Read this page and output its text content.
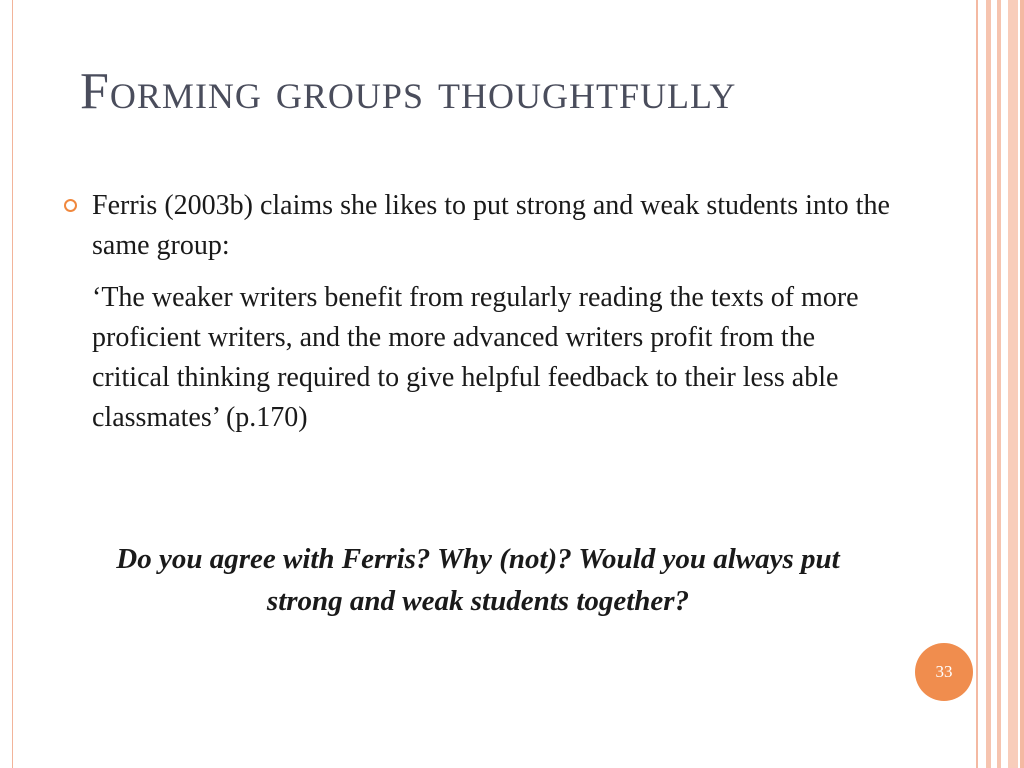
Forming groups thoughtfully

Ferris (2003b) claims she likes to put strong and weak students into the same group:

‘The weaker writers benefit from regularly reading the texts of more proficient writers, and the more advanced writers profit from the critical thinking required to give helpful feedback to their less able classmates’ (p.170)

Do you agree with Ferris? Why (not)? Would you always put strong and weak students together?

33
